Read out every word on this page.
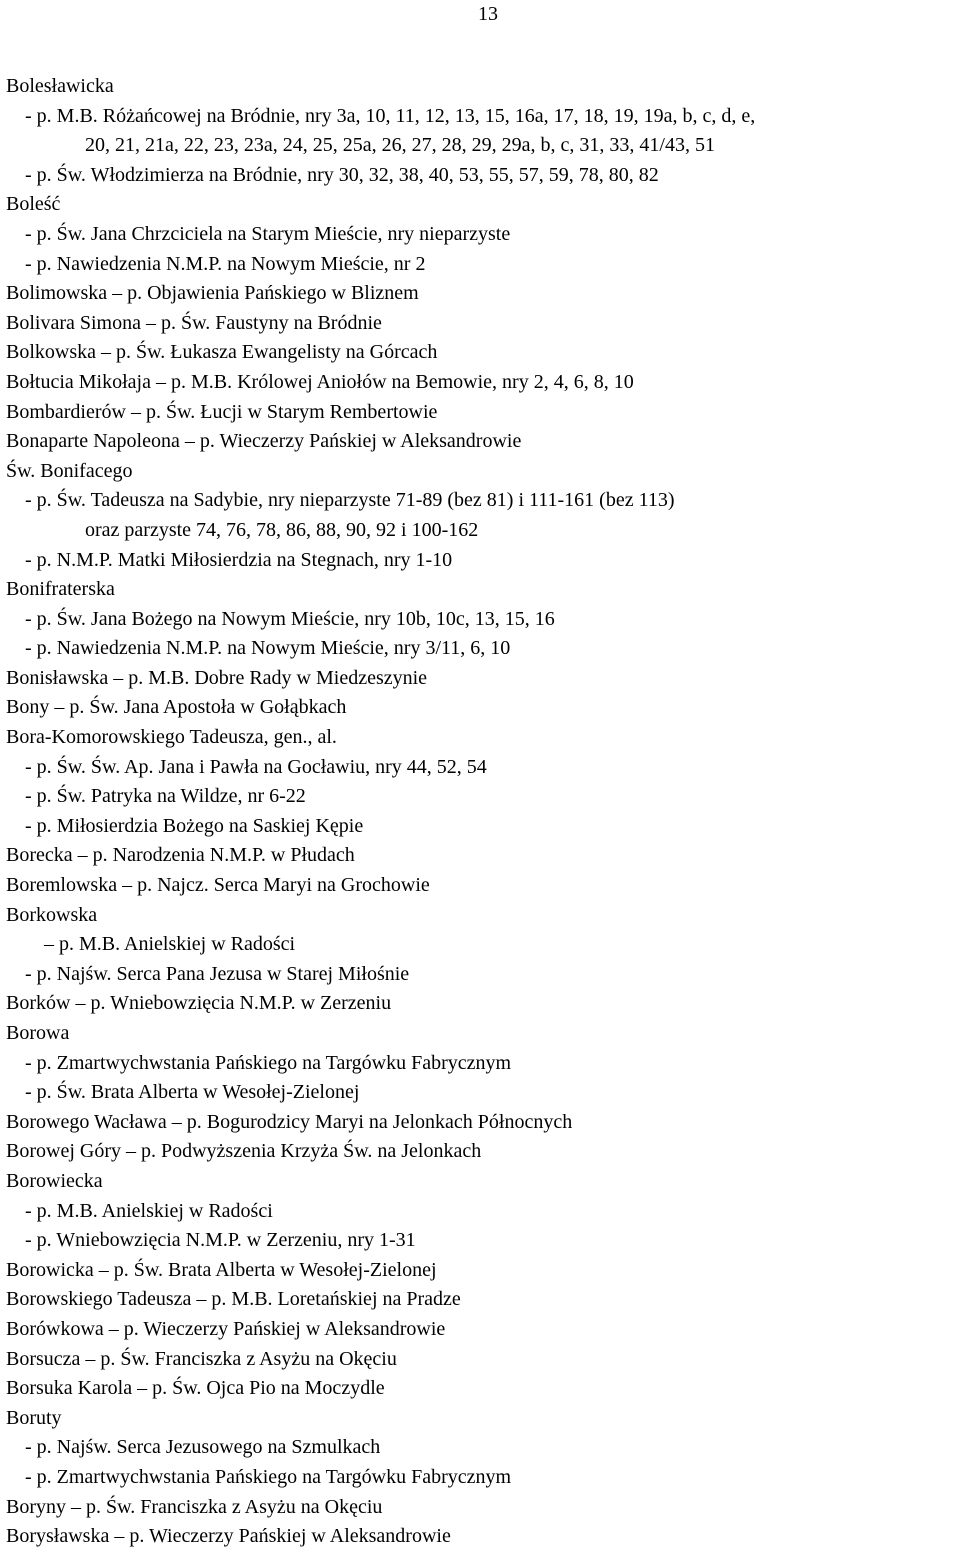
13
Bolesławicka
- p. M.B. Różańcowej na Bródnie, nry 3a, 10, 11, 12, 13, 15, 16a, 17, 18, 19, 19a, b, c, d, e,
20, 21, 21a, 22, 23, 23a, 24, 25, 25a, 26, 27, 28, 29, 29a, b, c, 31, 33, 41/43, 51
- p. Św. Włodzimierza na Bródnie, nry 30, 32, 38, 40, 53, 55, 57, 59, 78, 80, 82
Boleść
- p. Św. Jana Chrzciciela na Starym Mieście, nry nieparzyste
- p. Nawiedzenia N.M.P. na Nowym Mieście, nr 2
Bolimowska – p. Objawienia Pańskiego w Bliznem
Bolivara Simona – p. Św. Faustyny na Bródnie
Bolkowska – p. Św. Łukasza Ewangelisty na Górcach
Bołtucia Mikołaja – p. M.B. Królowej Aniołów na Bemowie, nry 2, 4, 6, 8, 10
Bombardierów – p. Św. Łucji w Starym Rembertowie
Bonaparte Napoleona – p. Wieczerzy Pańskiej w Aleksandrowie
Św. Bonifacego
- p. Św. Tadeusza na Sadybie, nry nieparzyste 71-89 (bez 81) i 111-161 (bez 113)
oraz parzyste 74, 76, 78, 86, 88, 90, 92 i 100-162
- p. N.M.P. Matki Miłosierdzia na Stegnach, nry 1-10
Bonifraterska
- p. Św. Jana Bożego na Nowym Mieście, nry 10b, 10c, 13, 15, 16
- p. Nawiedzenia N.M.P. na Nowym Mieście, nry 3/11, 6, 10
Bonisławska – p. M.B. Dobre Rady w Miedzeszynie
Bony – p. Św. Jana Apostoła w Gołąbkach
Bora-Komorowskiego Tadeusza, gen., al.
- p. Św. Św. Ap. Jana i Pawła na Gocławiu, nry 44, 52, 54
- p. Św. Patryka na Wildze, nr 6-22
- p. Miłosierdzia Bożego na Saskiej Kępie
Borecka – p. Narodzenia N.M.P. w Płudach
Boremlowska – p. Najcz. Serca Maryi na Grochowie
Borkowska
– p. M.B. Anielskiej w Radości
- p. Najśw. Serca Pana Jezusa w Starej Miłośnie
Borków – p. Wniebowzięcia N.M.P. w Zerzeniu
Borowa
- p. Zmartwychwstania Pańskiego na Targówku Fabrycznym
- p. Św. Brata Alberta w Wesołej-Zielonej
Borowego Wacława – p. Bogurodzicy Maryi na Jelonkach Północnych
Borowej Góry – p. Podwyższenia Krzyża Św. na Jelonkach
Borowiecka
- p. M.B. Anielskiej w Radości
- p. Wniebowzięcia N.M.P. w Zerzeniu, nry 1-31
Borowicka – p. Św. Brata Alberta w Wesołej-Zielonej
Borowskiego Tadeusza – p. M.B. Loretańskiej na Pradze
Borówkowa – p. Wieczerzy Pańskiej w Aleksandrowie
Borsucza – p. Św. Franciszka z Asyżu na Okęciu
Borsuka Karola – p. Św. Ojca Pio na Moczydle
Boruty
- p. Najśw. Serca Jezusowego na Szmulkach
- p. Zmartwychwstania Pańskiego na Targówku Fabrycznym
Boryny – p. Św. Franciszka z Asyżu na Okęciu
Borysławska – p. Wieczerzy Pańskiej w Aleksandrowie
